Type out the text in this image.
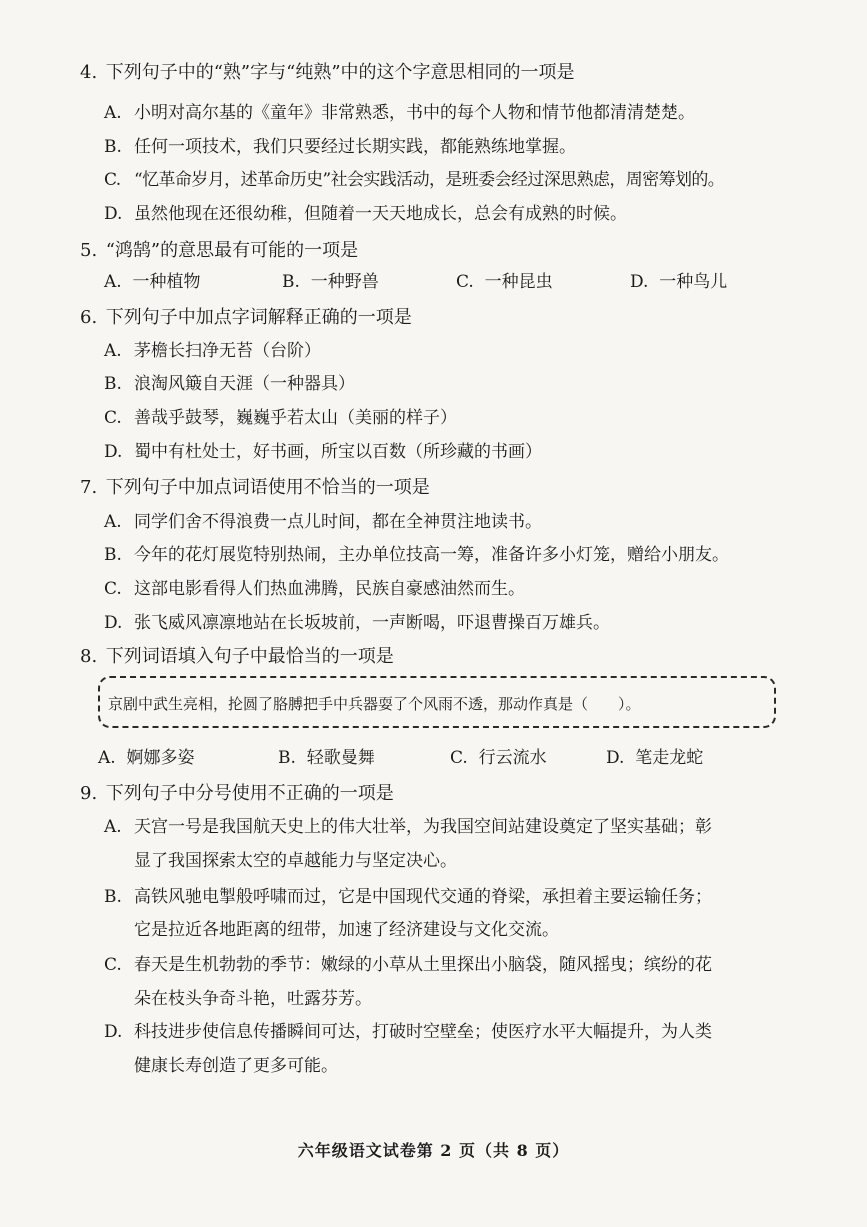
4. 下列句子中的“熟”字与“纯熟”中的这个字意思相同的一项是
A. 小明对高尔基的《童年》非常熟悉，书中的每个人物和情节他都清清楚楚。
B. 任何一项技术，我们只要经过长期实践，都能熟练地掌握。
C. “忆革命岁月，述革命历史”社会实践活动，是班委会经过深思熟虑，周密筹划的。
D. 虽然他现在还很幼稚，但随着一天天地成长，总会有成熟的时候。
5. “鸿鹄”的意思最有可能的一项是
A. 一种植物	B. 一种野兽	C. 一种昆虫	D. 一种鸟儿
6. 下列句子中加点字词解释正确的一项是
A. 茅檐长扫净无苔（台阶）
B. 浪淘风簸自天涯（一种器具）
C. 善哉乎鼓琴，巍巍乎若太山（美丽的样子）
D. 蜀中有杜处士，好书画，所宝以百数（所珍藏的书画）
7. 下列句子中加点词语使用不恰当的一项是
A. 同学们舍不得浪费一点儿时间，都在全神贯注地读书。
B. 今年的花灯展览特别热闹，主办单位技高一筹，准备许多小灯笼，赠给小朋友。
C. 这部电影看得人们热血沸腾，民族自豪感油然而生。
D. 张飞威风凛凛地站在长坂坡前，一声断喝，吓退曹操百万雄兵。
8. 下列词语填入句子中最恰当的一项是
京剧中武生亮相，抡圆了胳膊把手中兵器耍了个风雨不透，那动作真是（　　）。
A. 婀娜多姿	B. 轻歌曼舞	C. 行云流水	D. 笔走龙蛇
9. 下列句子中分号使用不正确的一项是
A. 天宫一号是我国航天史上的伟大壮举，为我国空间站建设奠定了坚实基础；彰
显了我国探索太空的卓越能力与坚定决心。
B. 高铁风驰电掣般呼啸而过，它是中国现代交通的脊梁，承担着主要运输任务；
它是拉近各地距离的纽带，加速了经济建设与文化交流。
C. 春天是生机勃勃的季节：嫩绿的小草从土里探出小脑袋，随风摇曳；缤纷的花
朵在枝头争奇斗艳，吐露芬芳。
D. 科技进步使信息传播瞬间可达，打破时空壁垒；使医疗水平大幅提升，为人类
健康长寿创造了更多可能。
六年级语文试卷第 2 页（共 8 页）
